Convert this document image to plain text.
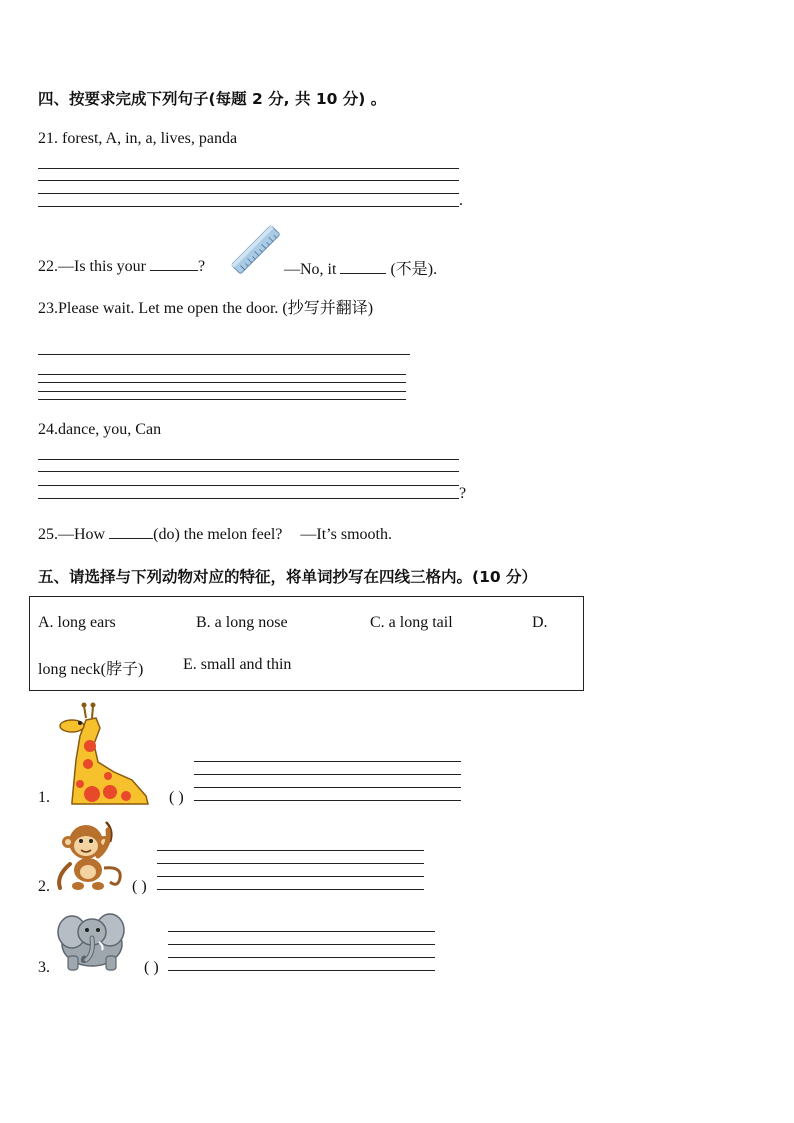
四、按要求完成下列句子(每题 2 分, 共 10 分) 。
21. forest, A, in, a, lives, panda
.
22.—Is this your	?	—No, it	(不是).
23.Please wait. Let me open the door. (抄写并翻译)
24.dance, you, Can
?
25.—How	(do) the melon feel? —It’s smooth.
五、请选择与下列动物对应的特征，将单词抄写在四线三格内。(10 分）
A. long ears	B. a long nose	C. a long tail	D.
long neck(脖子) E. small and thin
1.	( )
2.	( )
3.	( )
